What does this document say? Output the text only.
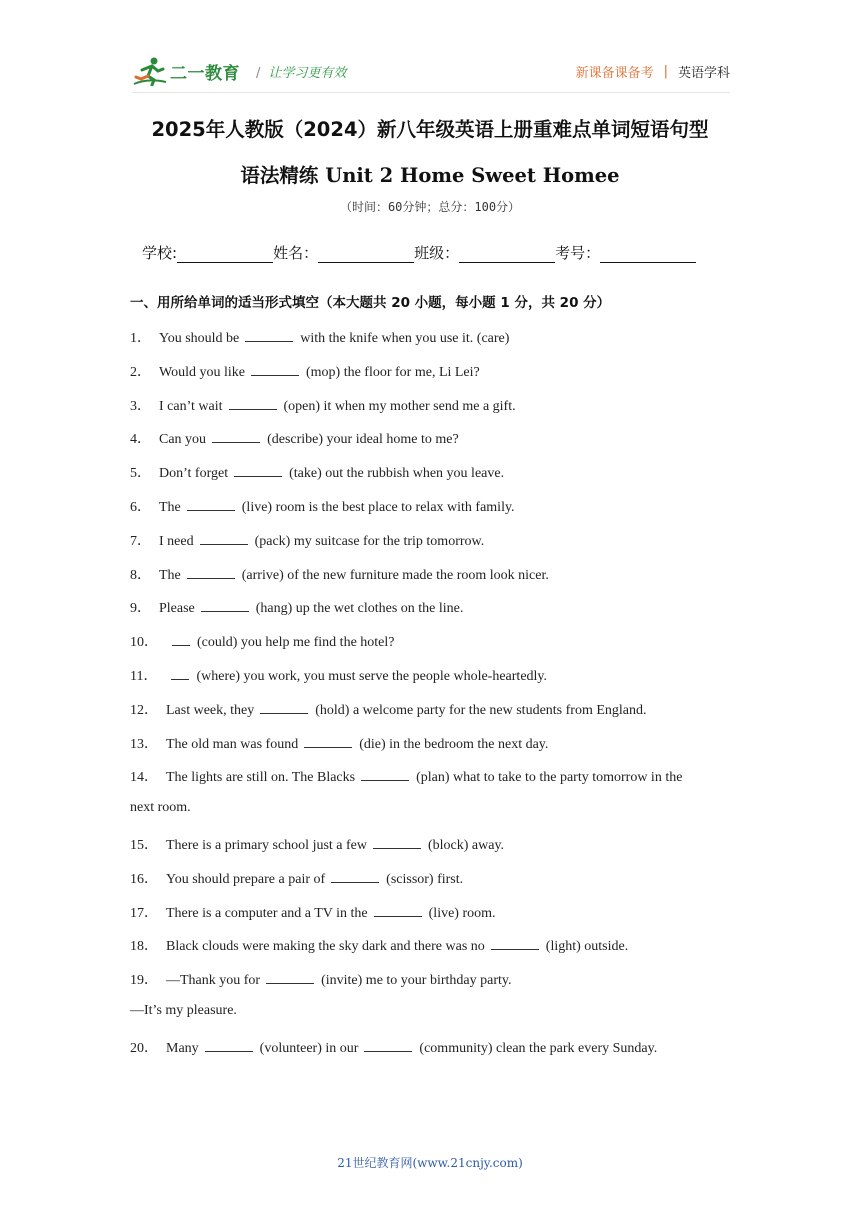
二一教育 / 让学习更有效	新课备课备考 | 英语学科
2025年人教版（2024）新八年级英语上册重难点单词短语句型
语法精练 Unit 2 Home Sweet Homee
（时间：60分钟；总分：100分）
学校:	姓名：	班级：	考号：
一、用所给单词的适当形式填空（本大题共 20 小题，每小题 1 分，共 20 分）
1． You should be	with the knife when you use it. (care)
2． Would you like	(mop) the floor for me, Li Lei?
3． I can’t wait	(open) it when my mother send me a gift.
4． Can you	(describe) your ideal home to me?
5． Don’t forget	(take) out the rubbish when you leave.
6． The	(live) room is the best place to relax with family.
7． I need	(pack) my suitcase for the trip tomorrow.
8． The	(arrive) of the new furniture made the room look nicer.
9． Please	(hang) up the wet clothes on the line.
10．	(could) you help me find the hotel?
11．	(where) you work, you must serve the people whole-heartedly.
12． Last week, they	(hold) a welcome party for the new students from England.
13． The old man was found	(die) in the bedroom the next day.
14． The lights are still on. The Blacks	(plan) what to take to the party tomorrow in the
next room.
15． There is a primary school just a few	(block) away.
16． You should prepare a pair of	(scissor) first.
17． There is a computer and a TV in the	(live) room.
18． Black clouds were making the sky dark and there was no	(light) outside.
19． —Thank you for	(invite) me to your birthday party.
—It’s my pleasure.
20． Many	(volunteer) in our	(community) clean the park every Sunday.
21世纪教育网(www.21cnjy.com)
